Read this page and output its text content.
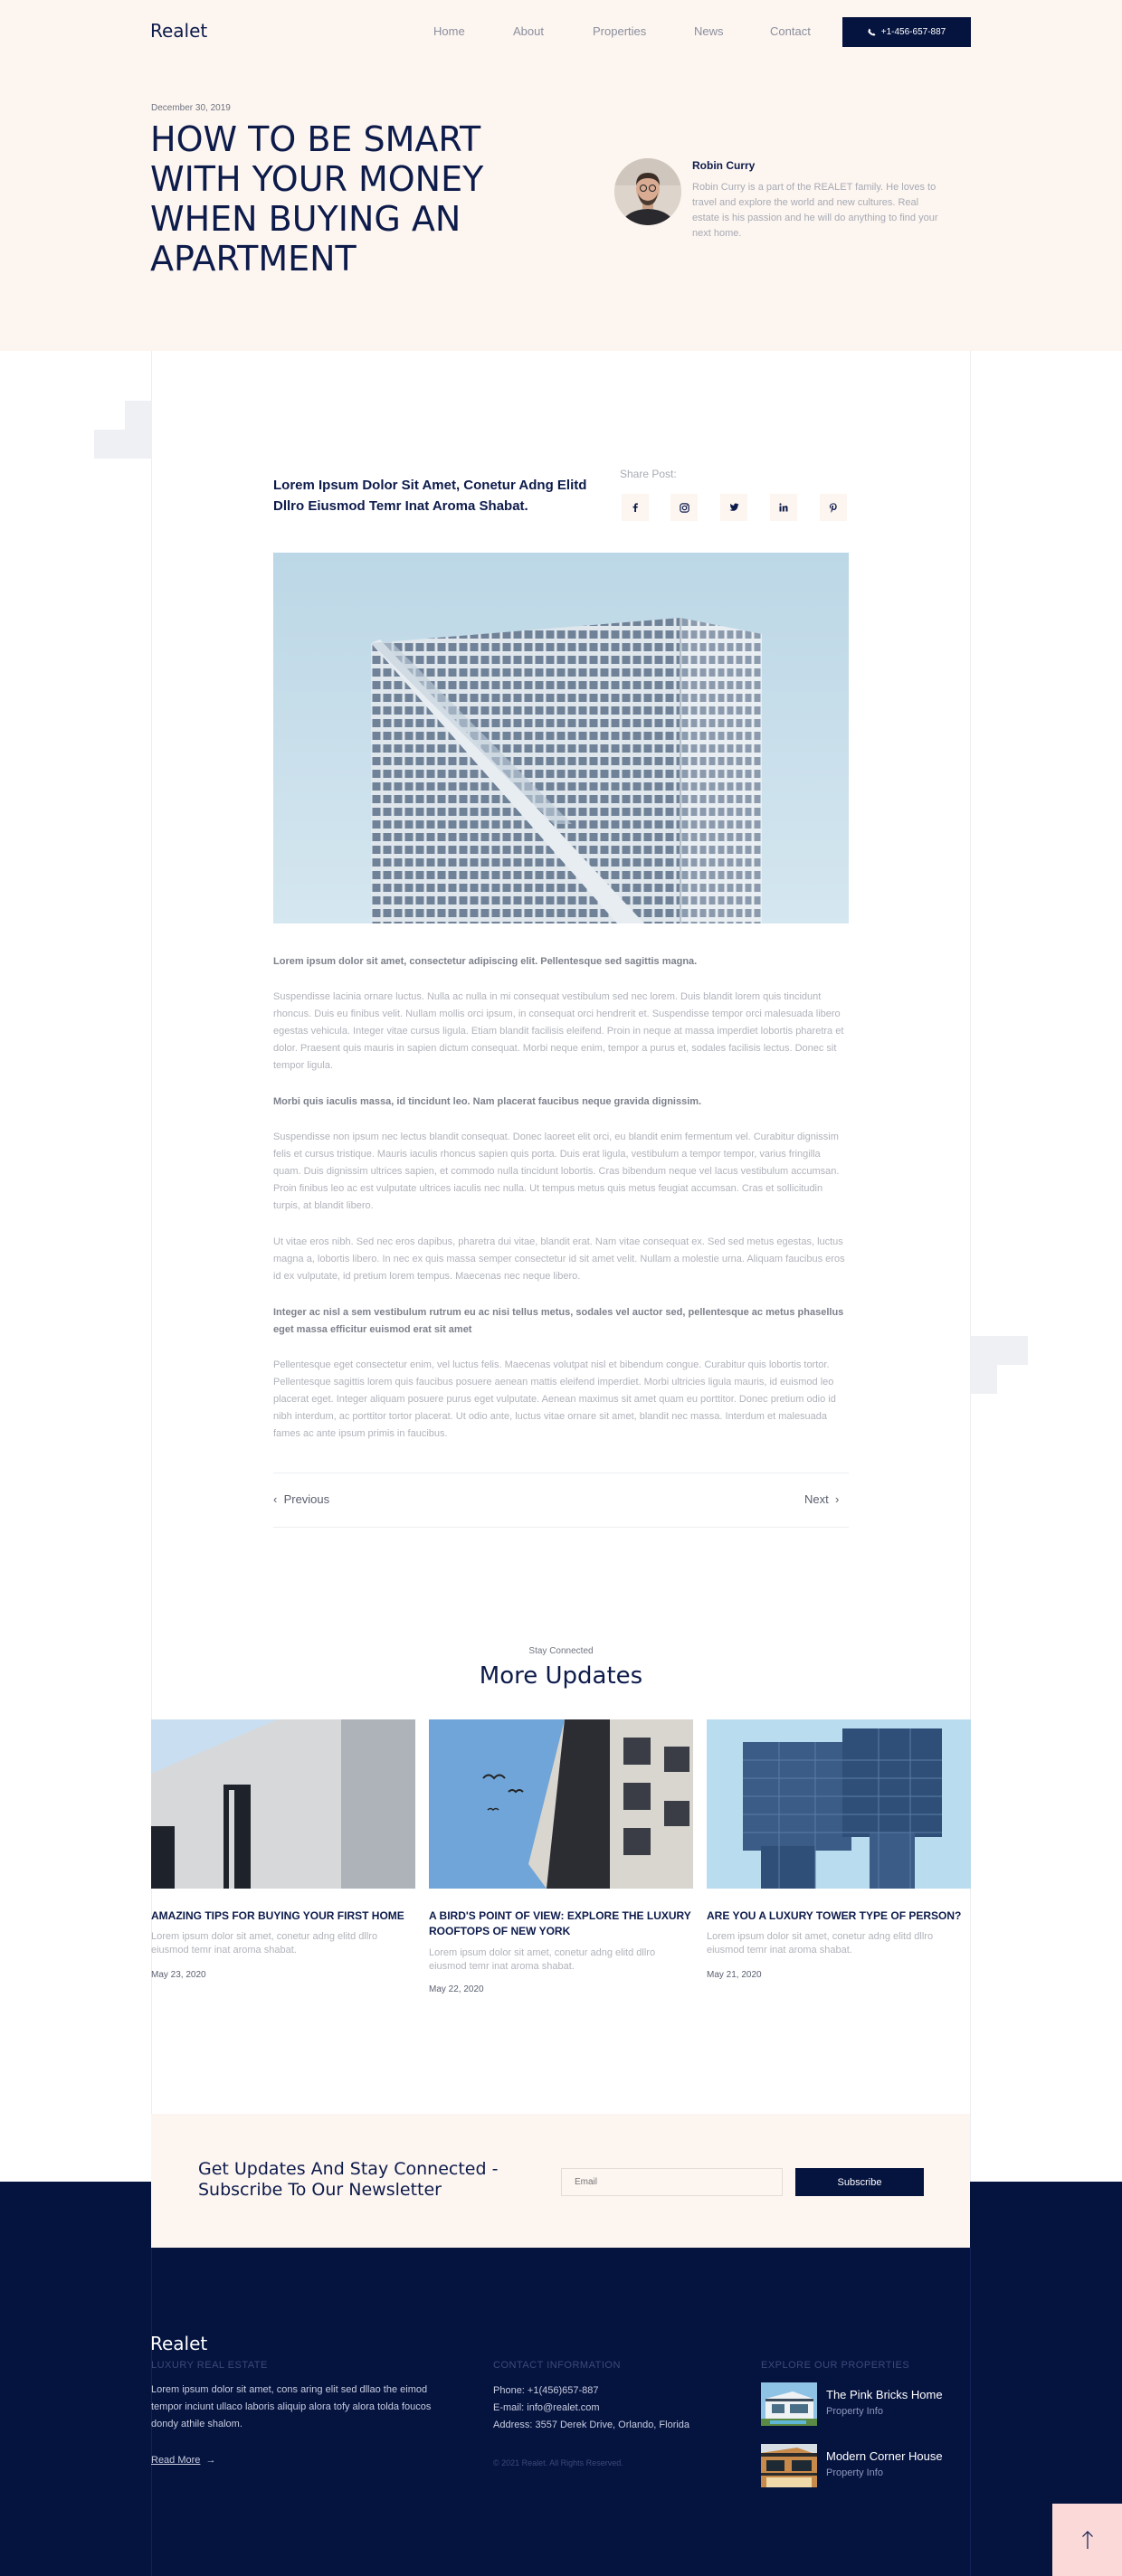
Realet	Home	About	Properties	News	Contact	+1-456-657-887
December 30, 2019
HOW TO BE SMART WITH YOUR MONEY WHEN BUYING AN APARTMENT
Robin Curry
Robin Curry is a part of the REALET family. He loves to travel and explore the world and new cultures. Real estate is his passion and he will do anything to find your next home.
Lorem Ipsum Dolor Sit Amet, Conetur Adng Elitd Dllro Eiusmod Temr Inat Aroma Shabat.
Share Post:
Lorem ipsum dolor sit amet, consectetur adipiscing elit. Pellentesque sed sagittis magna.
Suspendisse lacinia ornare luctus. Nulla ac nulla in mi consequat vestibulum sed nec lorem. Duis blandit lorem quis tincidunt rhoncus. Duis eu finibus velit. Nullam mollis orci ipsum, in consequat orci hendrerit et. Suspendisse tempor orci malesuada libero egestas vehicula. Integer vitae cursus ligula. Etiam blandit facilisis eleifend. Proin in neque at massa imperdiet lobortis pharetra et dolor. Praesent quis mauris in sapien dictum consequat. Morbi neque enim, tempor a purus et, sodales facilisis lectus. Donec sit tempor ligula.
Morbi quis iaculis massa, id tincidunt leo. Nam placerat faucibus neque gravida dignissim.
Suspendisse non ipsum nec lectus blandit consequat. Donec laoreet elit orci, eu blandit enim fermentum vel. Curabitur dignissim felis et cursus tristique. Mauris iaculis rhoncus sapien quis porta. Duis erat ligula, vestibulum a tempor tempor, varius fringilla quam. Duis dignissim ultrices sapien, et commodo nulla tincidunt lobortis. Cras bibendum neque vel lacus vestibulum accumsan. Proin finibus leo ac est vulputate ultrices iaculis nec nulla. Ut tempus metus quis metus feugiat accumsan. Cras et sollicitudin turpis, at blandit libero.
Ut vitae eros nibh. Sed nec eros dapibus, pharetra dui vitae, blandit erat. Nam vitae consequat ex. Sed sed metus egestas, luctus magna a, lobortis libero. In nec ex quis massa semper consectetur id sit amet velit. Nullam a molestie urna. Aliquam faucibus eros id ex vulputate, id pretium lorem tempus. Maecenas nec neque libero.
Integer ac nisl a sem vestibulum rutrum eu ac nisi tellus metus, sodales vel auctor sed, pellentesque ac metus phasellus eget massa efficitur euismod erat sit amet
Pellentesque eget consectetur enim, vel luctus felis. Maecenas volutpat nisl et bibendum congue. Curabitur quis lobortis tortor. Pellentesque sagittis lorem quis faucibus posuere aenean mattis eleifend imperdiet. Morbi ultricies ligula mauris, id euismod leo placerat eget. Integer aliquam posuere purus eget vulputate. Aenean maximus sit amet quam eu porttitor. Donec pretium odio id nibh interdum, ac porttitor tortor placerat. Ut odio ante, luctus vitae ornare sit amet, blandit nec massa. Interdum et malesuada fames ac ante ipsum primis in faucibus.
‹  Previous	Next  ›
Stay Connected
More Updates
AMAZING TIPS FOR BUYING YOUR FIRST HOME
Lorem ipsum dolor sit amet, conetur adng elitd dllro eiusmod temr inat aroma shabat.
May 23, 2020
A BIRD'S POINT OF VIEW: EXPLORE THE LUXURY ROOFTOPS OF NEW YORK
Lorem ipsum dolor sit amet, conetur adng elitd dllro eiusmod temr inat aroma shabat.
May 22, 2020
ARE YOU A LUXURY TOWER TYPE OF PERSON?
Lorem ipsum dolor sit amet, conetur adng elitd dllro eiusmod temr inat aroma shabat.
May 21, 2020
Get Updates And Stay Connected - Subscribe To Our Newsletter
Email	Subscribe
Realet
LUXURY REAL ESTATE
Lorem ipsum dolor sit amet, cons aring elit sed dllao the eimod tempor inciunt ullaco laboris aliquip alora tofy alora tolda foucos dondy athile shalom.
Read More  →
CONTACT INFORMATION
Phone: +1(456)657-887
E-mail: info@realet.com
Address: 3557 Derek Drive, Orlando, Florida
© 2021 Realet. All Rights Reserved.
EXPLORE OUR PROPERTIES
The Pink Bricks Home
Property Info
Modern Corner House
Property Info
